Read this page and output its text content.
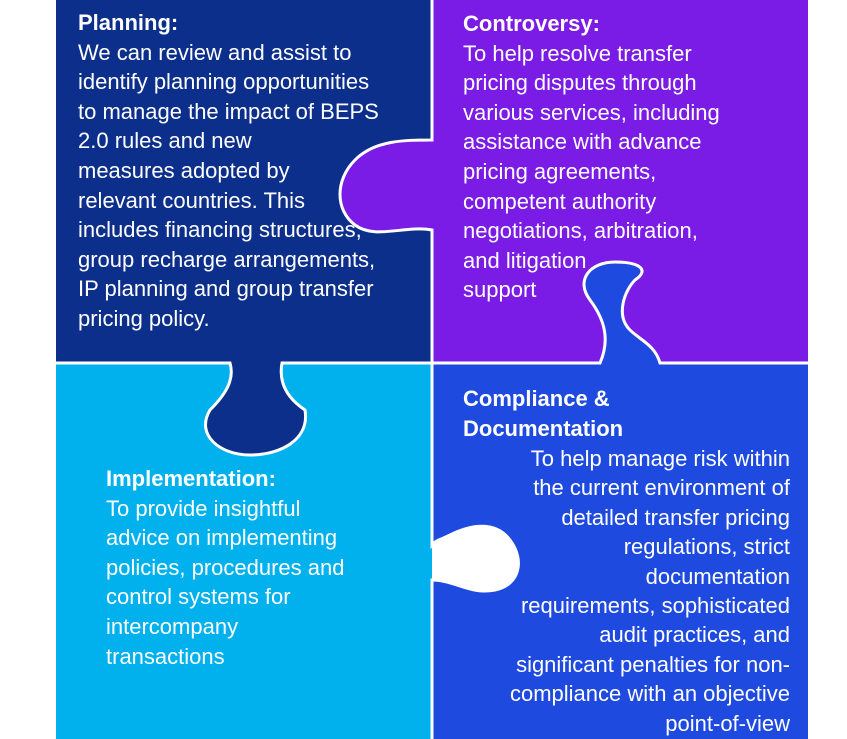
Planning:
We can review and assist to
identify planning opportunities
to manage the impact of BEPS
2.0 rules and new
measures adopted by
relevant countries. This
includes financing structures,
group recharge arrangements,
IP planning and group transfer
pricing policy.
Controversy:
To help resolve transfer
pricing disputes through
various services, including
assistance with advance
pricing agreements,
competent authority
negotiations, arbitration,
and litigation
support
Implementation:
To provide insightful
advice on implementing
policies, procedures and
control systems for
intercompany
transactions
Compliance &
Documentation
To help manage risk within
the current environment of
detailed transfer pricing
regulations, strict
documentation
requirements, sophisticated
audit practices, and
significant penalties for non-
compliance with an objective
point-of-view
